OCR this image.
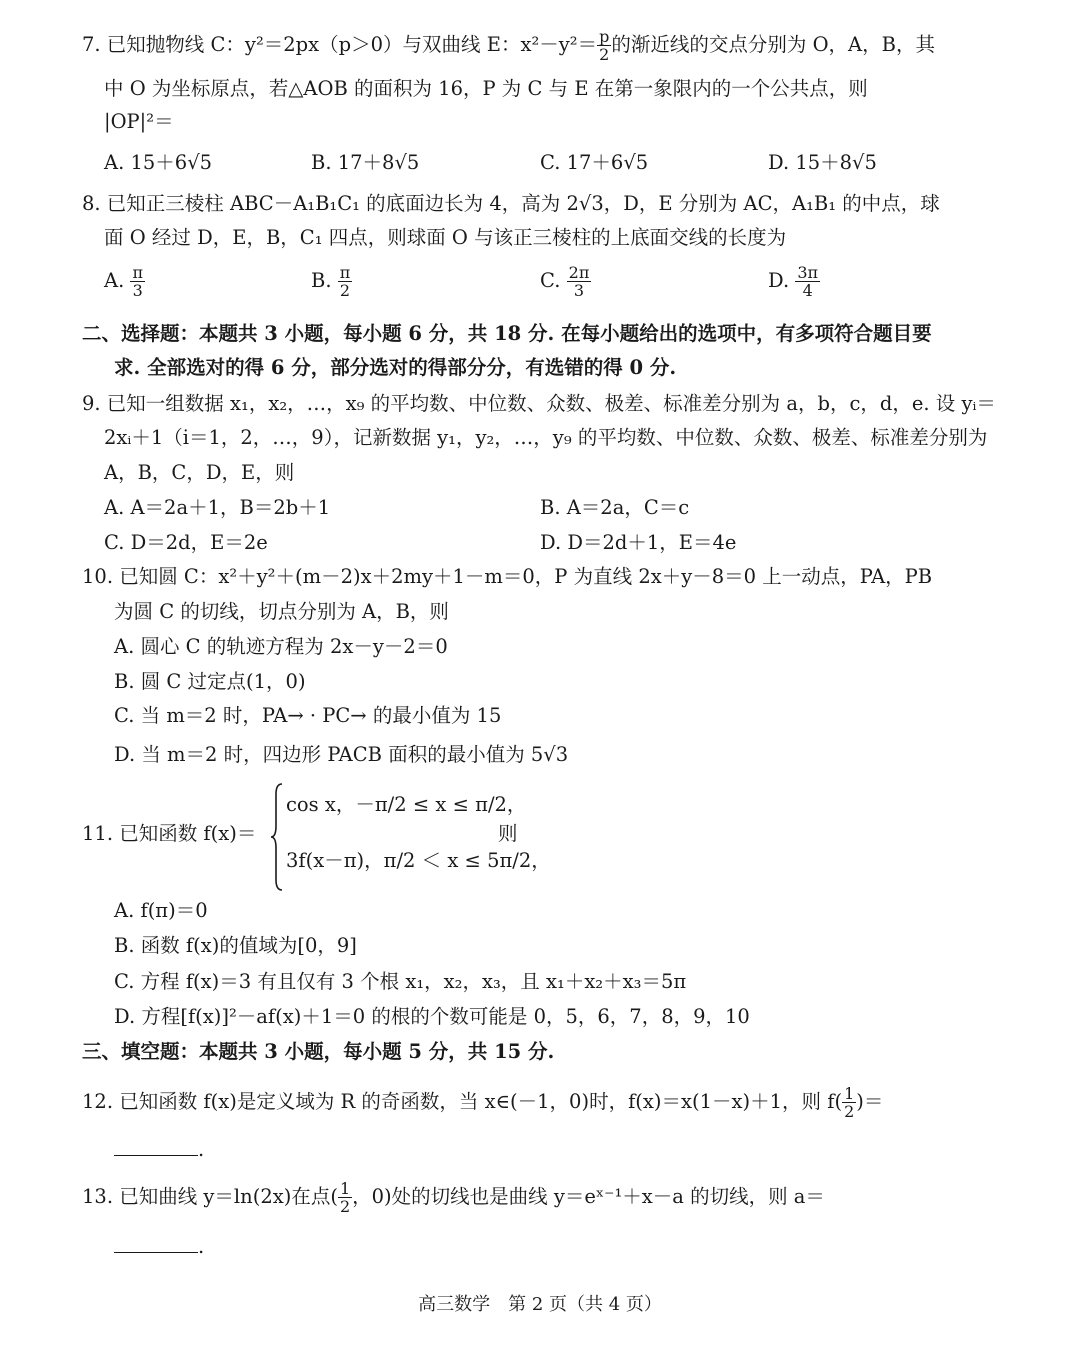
7. 已知抛物线 C：y²＝2px（p＞0）与双曲线 E：$x^2-y^2= \frac{p}{2}$ 的渐近线的交点分别为 O，A，B，其
中 O 为坐标原点，若△AOB 的面积为 16，P 为 C 与 E 在第一象限内的一个公共点，则
|OP|²＝
A. 15＋6√5	B. 17＋8√5	C. 17＋6√5	D. 15＋8√5
8. 已知正三棱柱 ABC－A₁B₁C₁ 的底面边长为 4，高为 2√3，D，E 分别为 AC，A₁B₁ 的中点，球
面 O 经过 D，E，B，C₁ 四点，则球面 O 与该正三棱柱的上底面交线的长度为
A. $\frac{\pi}{3}$	B. $\frac{\pi}{2}$	C. $\frac{2\pi}{3}$	D. $\frac{3\pi}{4}$
二、选择题：本题共 3 小题，每小题 6 分，共 18 分. 在每小题给出的选项中，有多项符合题目要
求. 全部选对的得 6 分，部分选对的得部分分，有选错的得 0 分.
9. 已知一组数据 x₁，x₂，…，x₉ 的平均数、中位数、众数、极差、标准差分别为 a，b，c，d，e. 设 yᵢ＝
2xᵢ＋1（i＝1，2，…，9），记新数据 y₁，y₂，…，y₉ 的平均数、中位数、众数、极差、标准差分别为
A，B，C，D，E，则
A. A＝2a＋1，B＝2b＋1	B. A＝2a，C＝c
C. D＝2d，E＝2e	D. D＝2d＋1，E＝4e
10. 已知圆 C：x²＋y²＋(m－2)x＋2my＋1－m＝0，P 为直线 2x＋y－8＝0 上一动点，PA，PB
为圆 C 的切线，切点分别为 A，B，则
A. 圆心 C 的轨迹方程为 2x－y－2＝0
B. 圆 C 过定点(1，0)
C. 当 m＝2 时，PA→ · PC→ 的最小值为 15
D. 当 m＝2 时，四边形 PACB 面积的最小值为 5√3
11. 已知函数 f(x)＝
cos x，－π/2 ≤ x ≤ π/2，
3f(x－π)，π/2 ＜ x ≤ 5π/2，
则
A. f(π)＝0
B. 函数 f(x)的值域为[0，9]
C. 方程 f(x)＝3 有且仅有 3 个根 x₁，x₂，x₃，且 x₁＋x₂＋x₃＝5π
D. 方程[f(x)]²－af(x)＋1＝0 的根的个数可能是 0，5，6，7，8，9，10
三、填空题：本题共 3 小题，每小题 5 分，共 15 分.
12. 已知函数 f(x)是定义域为 R 的奇函数，当 x∈(－1，0)时，f(x)＝x(1－x)＋1，则 $f( \frac{1}{2}$ )＝
.
13. 已知曲线 y＝ln(2x)在点( $\frac{1}{2}$ ，0)处的切线也是曲线 y＝eˣ⁻¹＋x－a 的切线，则 a＝
.
高三数学　第 2 页（共 4 页）
